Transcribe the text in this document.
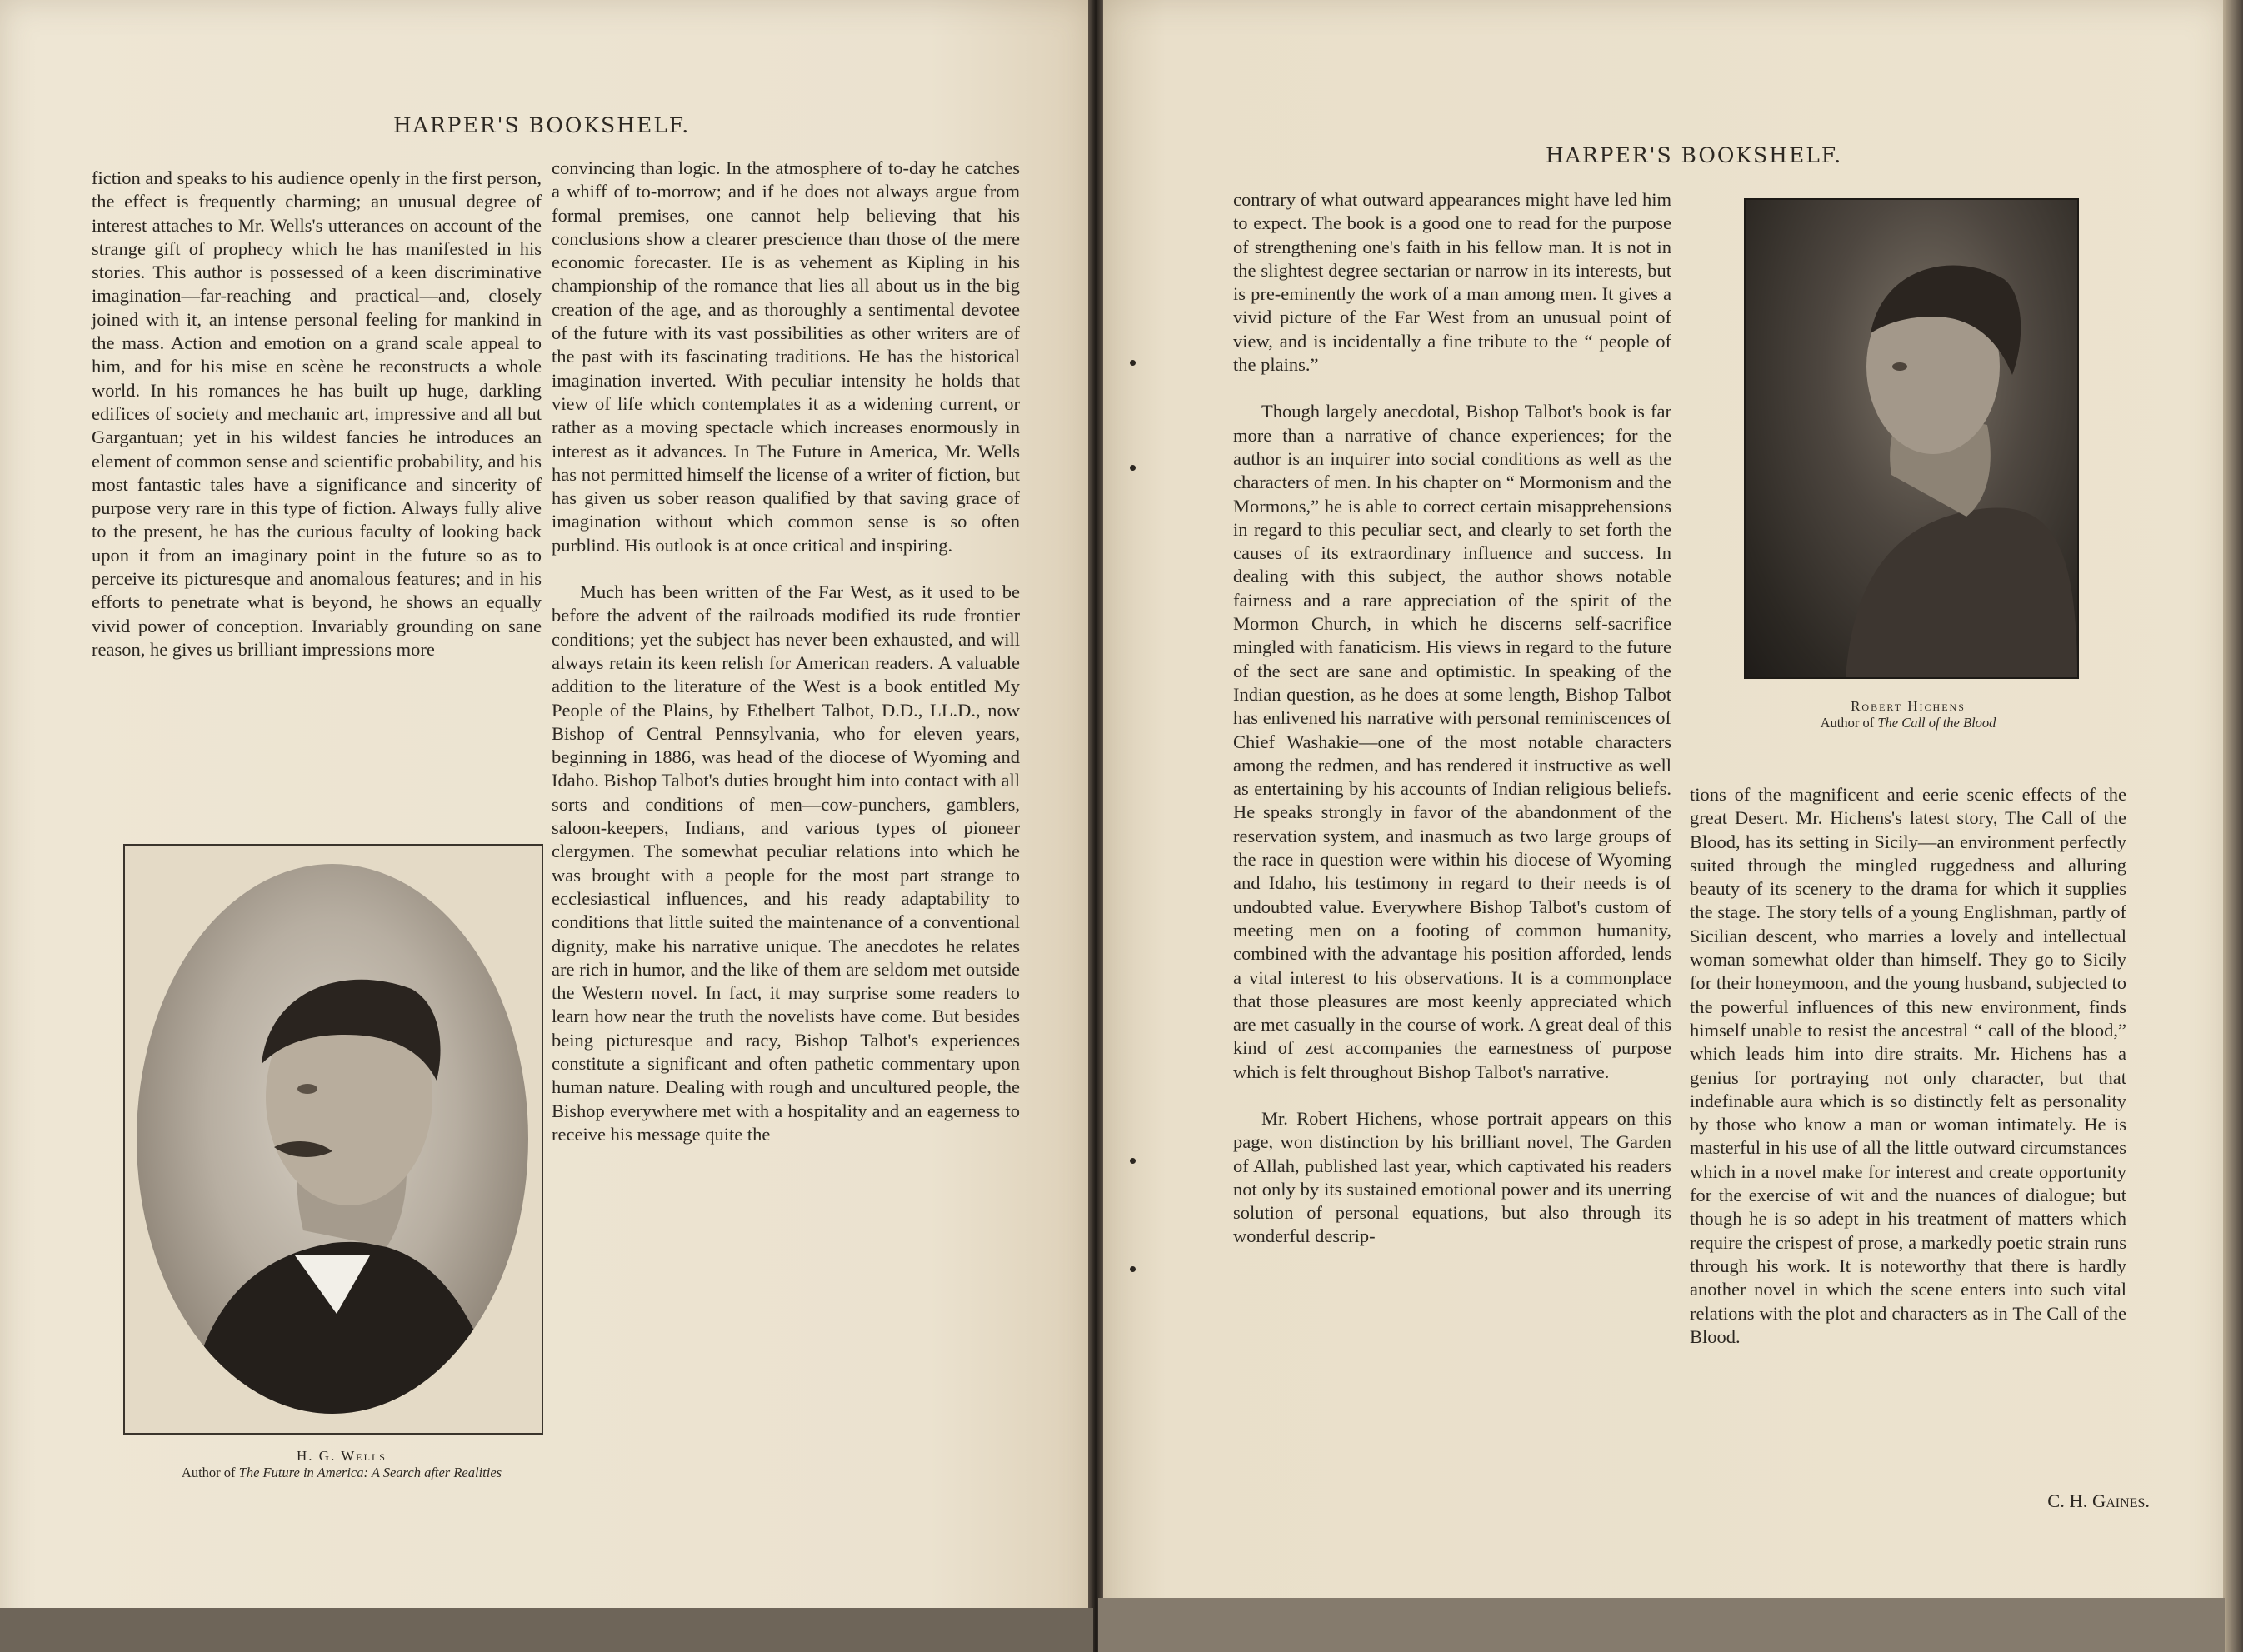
HARPER'S BOOKSHELF.

fiction and speaks to his audience openly in the first person, the effect is frequently charming; an unusual degree of interest attaches to Mr. Wells's utterances on account of the strange gift of prophecy which he has manifested in his stories. This author is possessed of a keen discriminative imagination—far-reaching and practical—and, closely joined with it, an intense personal feeling for mankind in the mass. Action and emotion on a grand scale appeal to him, and for his mise en scène he reconstructs a whole world. In his romances he has built up huge, darkling edifices of society and mechanic art, impressive and all but Gargantuan; yet in his wildest fancies he introduces an element of common sense and scientific probability, and his most fantastic tales have a significance and sincerity of purpose very rare in this type of fiction. Always fully alive to the present, he has the curious faculty of looking back upon it from an imaginary point in the future so as to perceive its picturesque and anomalous features; and in his efforts to penetrate what is beyond, he shows an equally vivid power of conception. Invariably grounding on sane reason, he gives us brilliant impressions more

convincing than logic. In the atmosphere of to-day he catches a whiff of to-morrow; and if he does not always argue from formal premises, one cannot help believing that his conclusions show a clearer prescience than those of the mere economic forecaster. He is as vehement as Kipling in his championship of the romance that lies all about us in the big creation of the age, and as thoroughly a sentimental devotee of the future with its vast possibilities as other writers are of the past with its fascinating traditions. He has the historical imagination inverted. With peculiar intensity he holds that view of life which contemplates it as a widening current, or rather as a moving spectacle which increases enormously in interest as it advances. In The Future in America, Mr. Wells has not permitted himself the license of a writer of fiction, but has given us sober reason qualified by that saving grace of imagination without which common sense is so often purblind. His outlook is at once critical and inspiring.

Much has been written of the Far West, as it used to be before the advent of the railroads modified its rude frontier conditions; yet the subject has never been exhausted, and will always retain its keen relish for American readers. A valuable addition to the literature of the West is a book entitled My People of the Plains, by Ethelbert Talbot, D.D., LL.D., now Bishop of Central Pennsylvania, who for eleven years, beginning in 1886, was head of the diocese of Wyoming and Idaho. Bishop Talbot's duties brought him into contact with all sorts and conditions of men—cow-punchers, gamblers, saloon-keepers, Indians, and various types of pioneer clergymen. The somewhat peculiar relations into which he was brought with a people for the most part strange to ecclesiastical influences, and his ready adaptability to conditions that little suited the maintenance of a conventional dignity, make his narrative unique. The anecdotes he relates are rich in humor, and the like of them are seldom met outside the Western novel. In fact, it may surprise some readers to learn how near the truth the novelists have come. But besides being picturesque and racy, Bishop Talbot's experiences constitute a significant and often pathetic commentary upon human nature. Dealing with rough and uncultured people, the Bishop everywhere met with a hospitality and an eagerness to receive his message quite the

H. G. Wells
Author of The Future in America: A Search after Realities
HARPER'S BOOKSHELF.

contrary of what outward appearances might have led him to expect. The book is a good one to read for the purpose of strengthening one's faith in his fellow man. It is not in the slightest degree sectarian or narrow in its interests, but is pre-eminently the work of a man among men. It gives a vivid picture of the Far West from an unusual point of view, and is incidentally a fine tribute to the “ people of the plains.”

Though largely anecdotal, Bishop Talbot's book is far more than a narrative of chance experiences; for the author is an inquirer into social conditions as well as the characters of men. In his chapter on “ Mormonism and the Mormons,” he is able to correct certain misapprehensions in regard to this peculiar sect, and clearly to set forth the causes of its extraordinary influence and success. In dealing with this subject, the author shows notable fairness and a rare appreciation of the spirit of the Mormon Church, in which he discerns self-sacrifice mingled with fanaticism. His views in regard to the future of the sect are sane and optimistic. In speaking of the Indian question, as he does at some length, Bishop Talbot has enlivened his narrative with personal reminiscences of Chief Washakie—one of the most notable characters among the redmen, and has rendered it instructive as well as entertaining by his accounts of Indian religious beliefs. He speaks strongly in favor of the abandonment of the reservation system, and inasmuch as two large groups of the race in question were within his diocese of Wyoming and Idaho, his testimony in regard to their needs is of undoubted value. Everywhere Bishop Talbot's custom of meeting men on a footing of common humanity, combined with the advantage his position afforded, lends a vital interest to his observations. It is a commonplace that those pleasures are most keenly appreciated which are met casually in the course of work. A great deal of this kind of zest accompanies the earnestness of purpose which is felt throughout Bishop Talbot's narrative.

Mr. Robert Hichens, whose portrait appears on this page, won distinction by his brilliant novel, The Garden of Allah, published last year, which captivated his readers not only by its sustained emotional power and its unerring solution of personal equations, but also through its wonderful descrip-

Robert Hichens
Author of The Call of the Blood

tions of the magnificent and eerie scenic effects of the great Desert. Mr. Hichens's latest story, The Call of the Blood, has its setting in Sicily—an environment perfectly suited through the mingled ruggedness and alluring beauty of its scenery to the drama for which it supplies the stage. The story tells of a young Englishman, partly of Sicilian descent, who marries a lovely and intellectual woman somewhat older than himself. They go to Sicily for their honeymoon, and the young husband, subjected to the powerful influences of this new environment, finds himself unable to resist the ancestral “ call of the blood,” which leads him into dire straits. Mr. Hichens has a genius for portraying not only character, but that indefinable aura which is so distinctly felt as personality by those who know a man or woman intimately. He is masterful in his use of all the little outward circumstances which in a novel make for interest and create opportunity for the exercise of wit and the nuances of dialogue; but though he is so adept in his treatment of matters which require the crispest of prose, a markedly poetic strain runs through his work. It is noteworthy that there is hardly another novel in which the scene enters into such vital relations with the plot and characters as in The Call of the Blood.

C. H. Gaines.
